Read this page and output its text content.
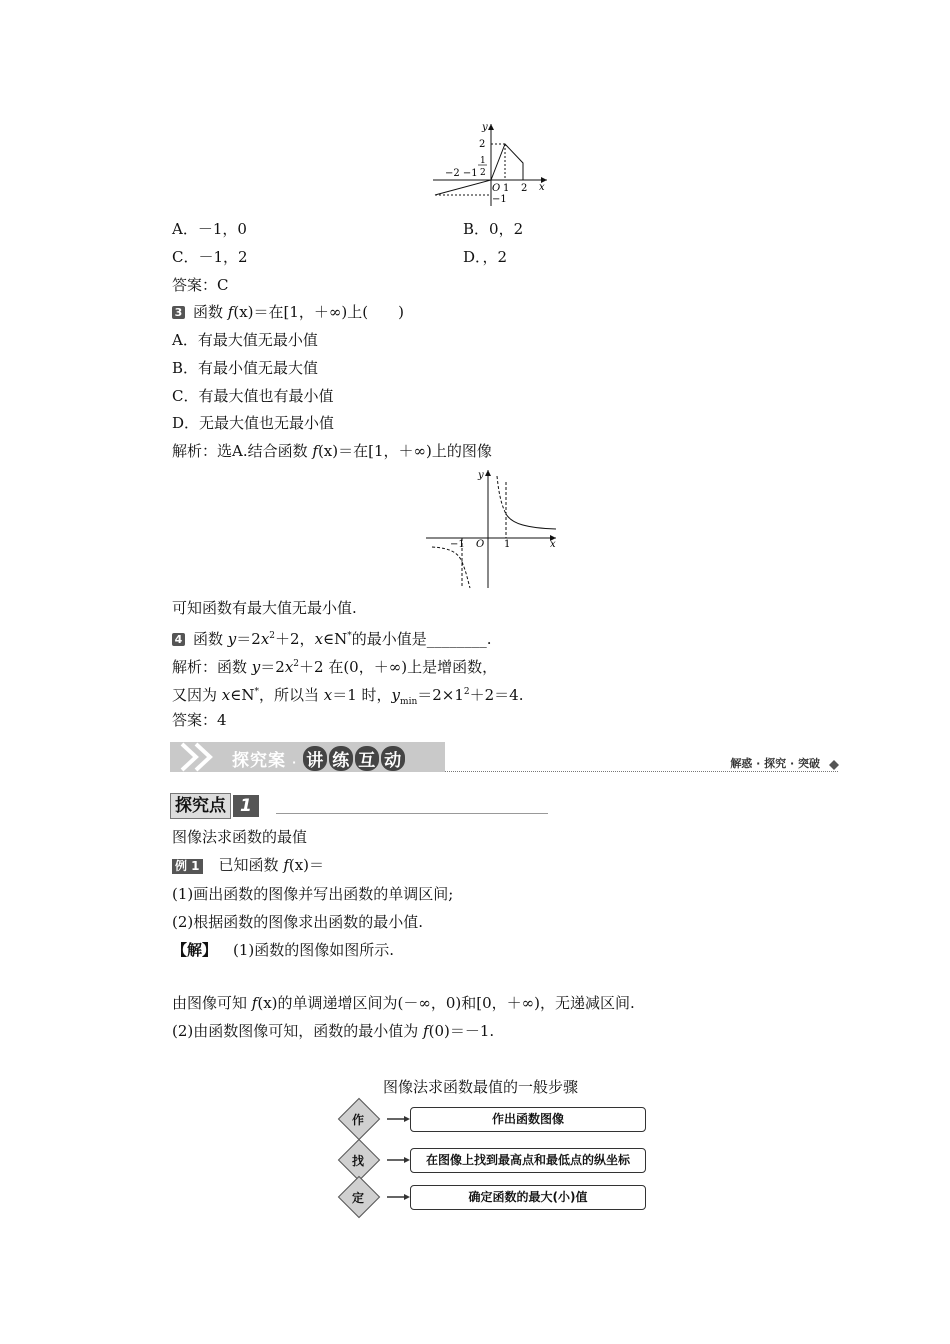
y
x
2
1
2
−2 −1
O 1 2
−1
A．－1，0	B．0，2
C．－1，2	D．，2
答案：C
3 函数 f(x)＝在[1，＋∞)上(　　)
A．有最大值无最小值
B．有最小值无最大值
C．有最大值也有最小值
D．无最大值也无最小值
解析：选A.结合函数 f(x)＝在[1，＋∞)上的图像
y
x
−1 O 1
可知函数有最大值无最小值.
4 函数 $y=2x^2+2$，x∈N*的最小值是________.
解析：函数 $y=2x^2+2$ 在(0，＋∞)上是增函数，
又因为 x∈N*，所以当 x＝1 时，$y_{min}=2\times 1^2+2=4$.
答案：4
探究案 · 讲 练 互 动	解惑 · 探究 · 突破
探究点 1
图像法求函数的最值
例 1 已知函数 f(x)＝
(1)画出函数的图像并写出函数的单调区间;
(2)根据函数的图像求出函数的最小值.
【解】 (1)函数的图像如图所示.
由图像可知 f(x)的单调递增区间为(－∞，0)和[0，＋∞)，无递减区间.
(2)由函数图像可知，函数的最小值为 f(0)＝－1.
图像法求函数最值的一般步骤
作	作出函数图像
找	在图像上找到最高点和最低点的纵坐标
定	确定函数的最大(小)值
